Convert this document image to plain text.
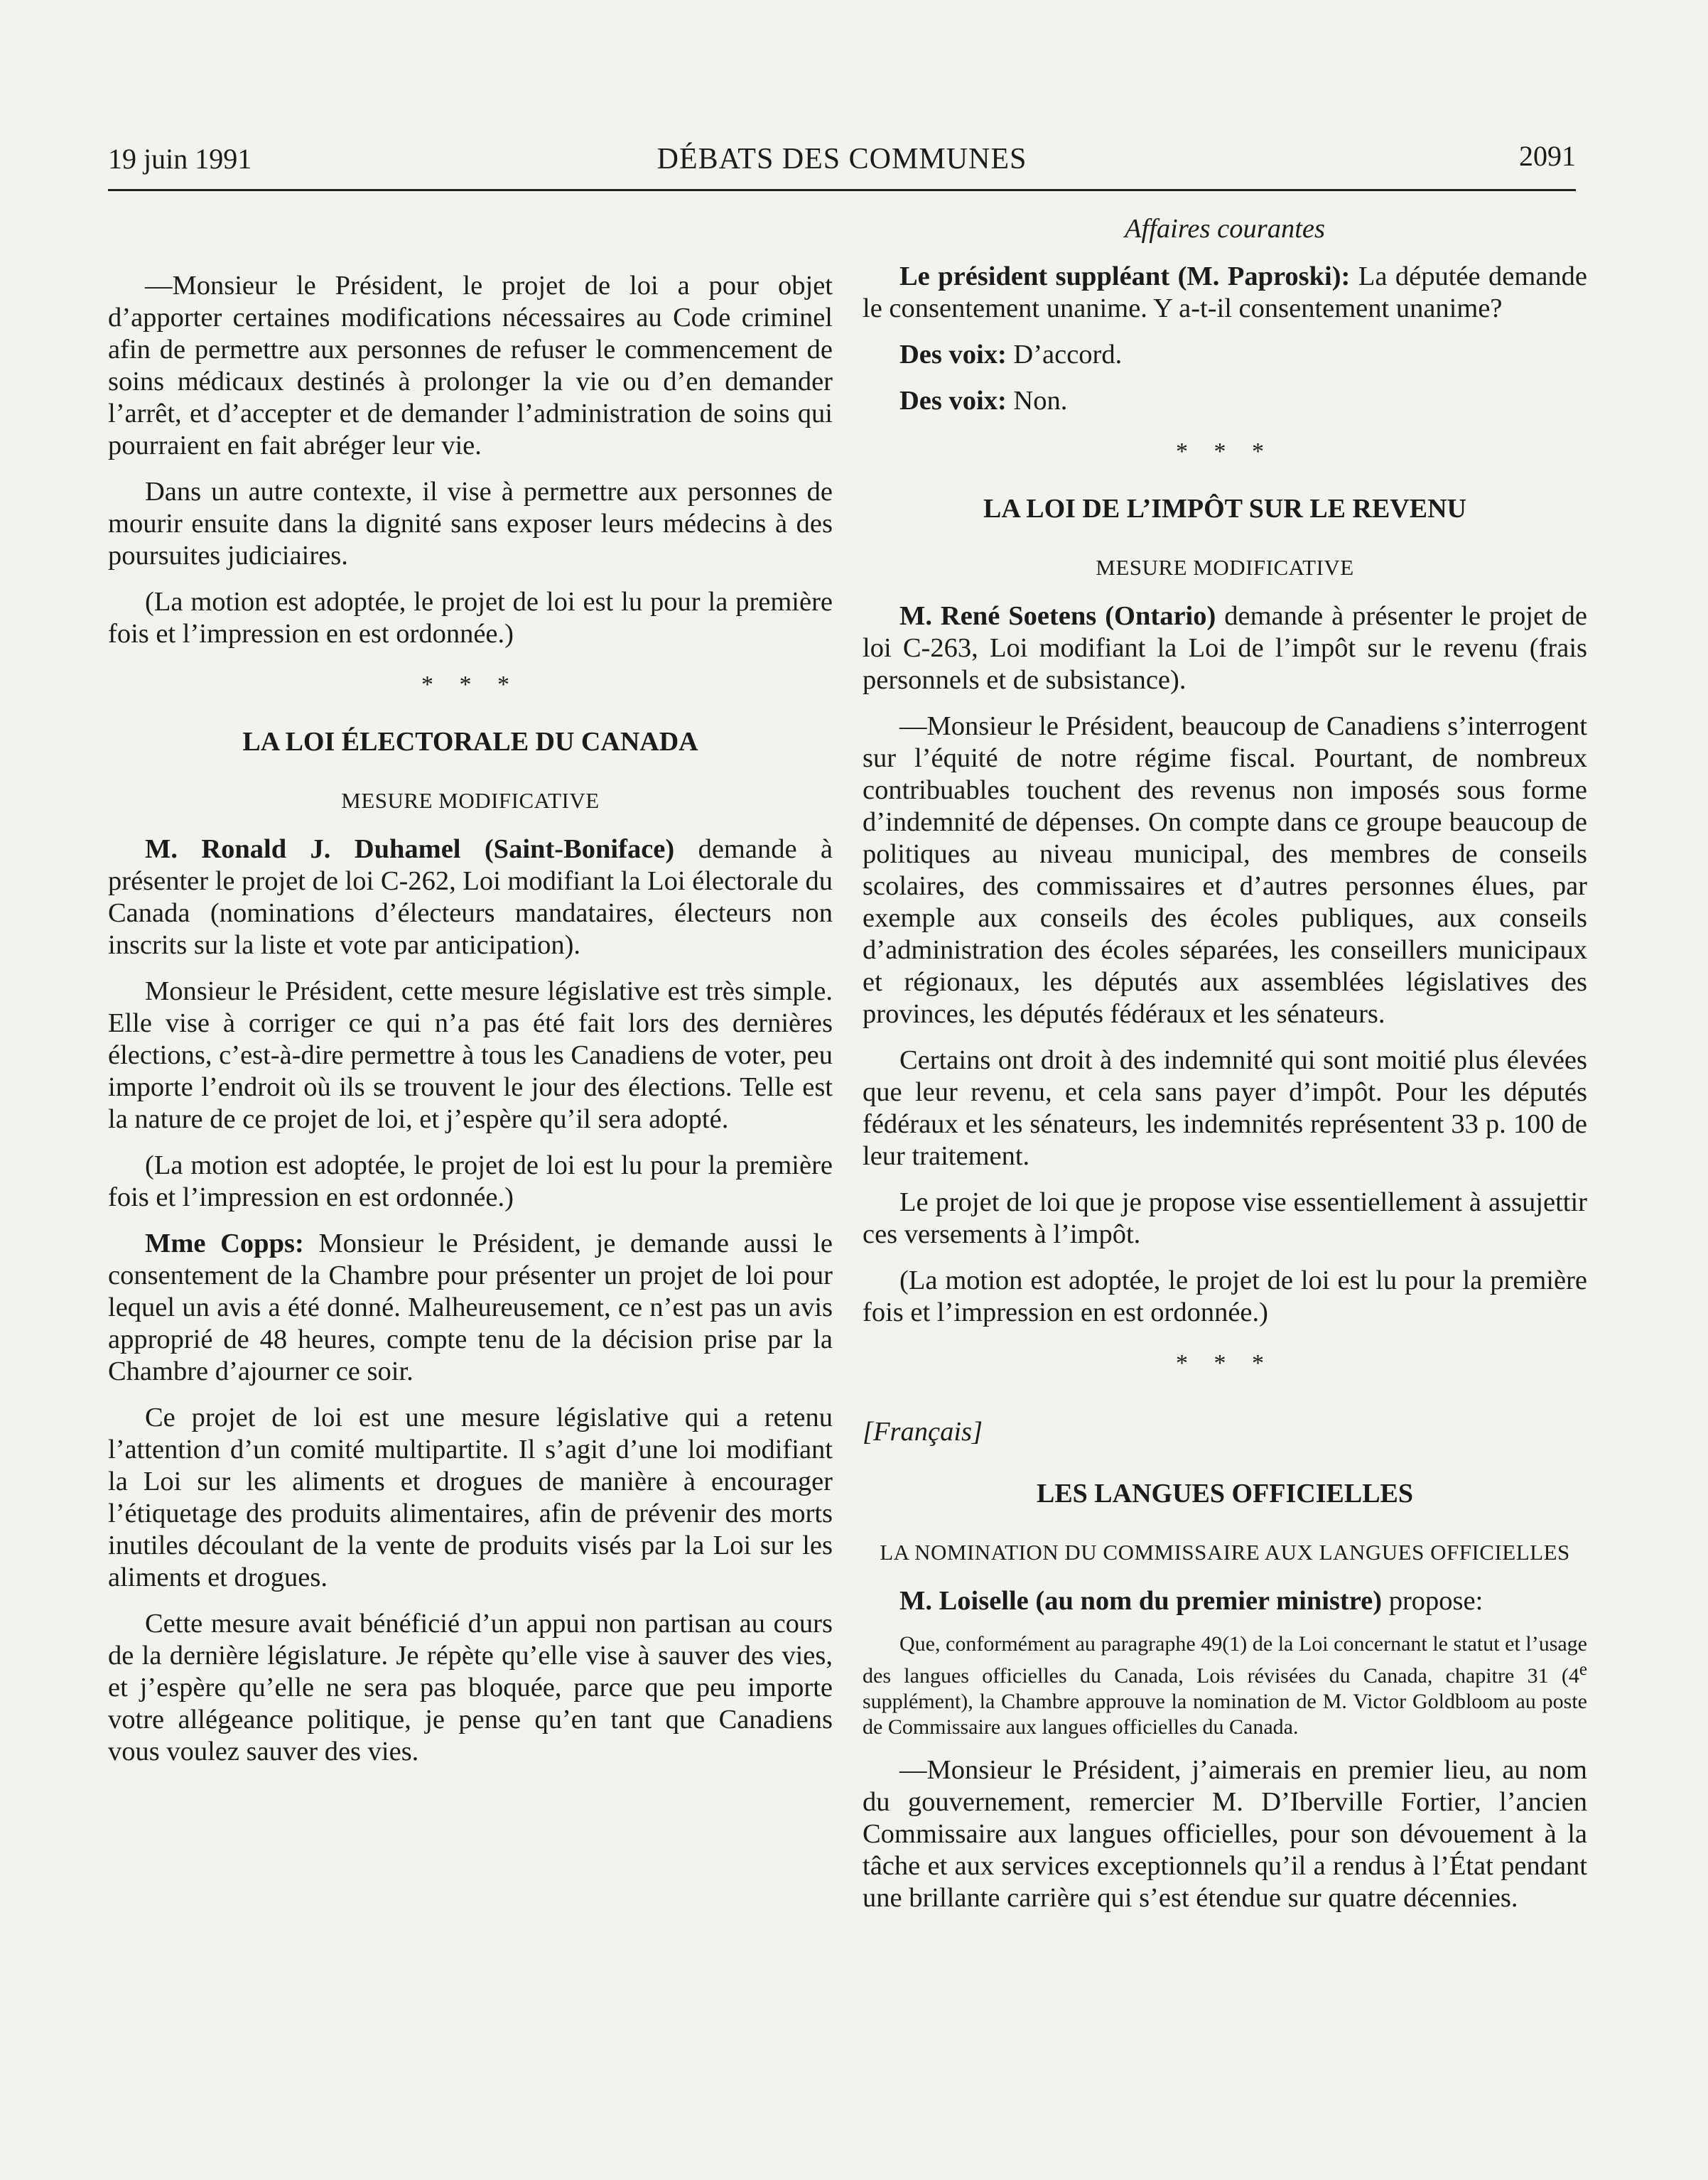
19 juin 1991	DÉBATS DES COMMUNES	2091

—Monsieur le Président, le projet de loi a pour objet d’apporter certaines modifications nécessaires au Code criminel afin de permettre aux personnes de refuser le commencement de soins médicaux destinés à prolonger la vie ou d’en demander l’arrêt, et d’accepter et de demander l’administration de soins qui pourraient en fait abréger leur vie.

Dans un autre contexte, il vise à permettre aux personnes de mourir ensuite dans la dignité sans exposer leurs médecins à des poursuites judiciaires.

(La motion est adoptée, le projet de loi est lu pour la première fois et l’impression en est ordonnée.)

* * *
LA LOI ÉLECTORALE DU CANADA
MESURE MODIFICATIVE

M. Ronald J. Duhamel (Saint-Boniface) demande à présenter le projet de loi C-262, Loi modifiant la Loi électorale du Canada (nominations d’électeurs mandataires, électeurs non inscrits sur la liste et vote par anticipation).

Monsieur le Président, cette mesure législative est très simple. Elle vise à corriger ce qui n’a pas été fait lors des dernières élections, c’est-à-dire permettre à tous les Canadiens de voter, peu importe l’endroit où ils se trouvent le jour des élections. Telle est la nature de ce projet de loi, et j’espère qu’il sera adopté.

(La motion est adoptée, le projet de loi est lu pour la première fois et l’impression en est ordonnée.)

Mme Copps: Monsieur le Président, je demande aussi le consentement de la Chambre pour présenter un projet de loi pour lequel un avis a été donné. Malheureusement, ce n’est pas un avis approprié de 48 heures, compte tenu de la décision prise par la Chambre d’ajourner ce soir.

Ce projet de loi est une mesure législative qui a retenu l’attention d’un comité multipartite. Il s’agit d’une loi modifiant la Loi sur les aliments et drogues de manière à encourager l’étiquetage des produits alimentaires, afin de prévenir des morts inutiles découlant de la vente de produits visés par la Loi sur les aliments et drogues.

Cette mesure avait bénéficié d’un appui non partisan au cours de la dernière législature. Je répète qu’elle vise à sauver des vies, et j’espère qu’elle ne sera pas bloquée, parce que peu importe votre allégeance politique, je pense qu’en tant que Canadiens vous voulez sauver des vies.

Affaires courantes

Le président suppléant (M. Paproski): La députée demande le consentement unanime. Y a-t-il consentement unanime?

Des voix: D’accord.

Des voix: Non.

* * *
LA LOI DE L’IMPÔT SUR LE REVENU
MESURE MODIFICATIVE

M. René Soetens (Ontario) demande à présenter le projet de loi C-263, Loi modifiant la Loi de l’impôt sur le revenu (frais personnels et de subsistance).

—Monsieur le Président, beaucoup de Canadiens s’interrogent sur l’équité de notre régime fiscal. Pourtant, de nombreux contribuables touchent des revenus non imposés sous forme d’indemnité de dépenses. On compte dans ce groupe beaucoup de politiques au niveau municipal, des membres de conseils scolaires, des commissaires et d’autres personnes élues, par exemple aux conseils des écoles publiques, aux conseils d’administration des écoles séparées, les conseillers municipaux et régionaux, les députés aux assemblées législatives des provinces, les députés fédéraux et les sénateurs.

Certains ont droit à des indemnité qui sont moitié plus élevées que leur revenu, et cela sans payer d’impôt. Pour les députés fédéraux et les sénateurs, les indemnités représentent 33 p. 100 de leur traitement.

Le projet de loi que je propose vise essentiellement à assujettir ces versements à l’impôt.

(La motion est adoptée, le projet de loi est lu pour la première fois et l’impression en est ordonnée.)

* * *
[Français]
LES LANGUES OFFICIELLES
LA NOMINATION DU COMMISSAIRE AUX LANGUES OFFICIELLES

M. Loiselle (au nom du premier ministre) propose:

Que, conformément au paragraphe 49(1) de la Loi concernant le statut et l’usage des langues officielles du Canada, Lois révisées du Canada, chapitre 31 (4e supplément), la Chambre approuve la nomination de M. Victor Goldbloom au poste de Commissaire aux langues officielles du Canada.

—Monsieur le Président, j’aimerais en premier lieu, au nom du gouvernement, remercier M. D’Iberville Fortier, l’ancien Commissaire aux langues officielles, pour son dévouement à la tâche et aux services exceptionnels qu’il a rendus à l’État pendant une brillante carrière qui s’est étendue sur quatre décennies.
